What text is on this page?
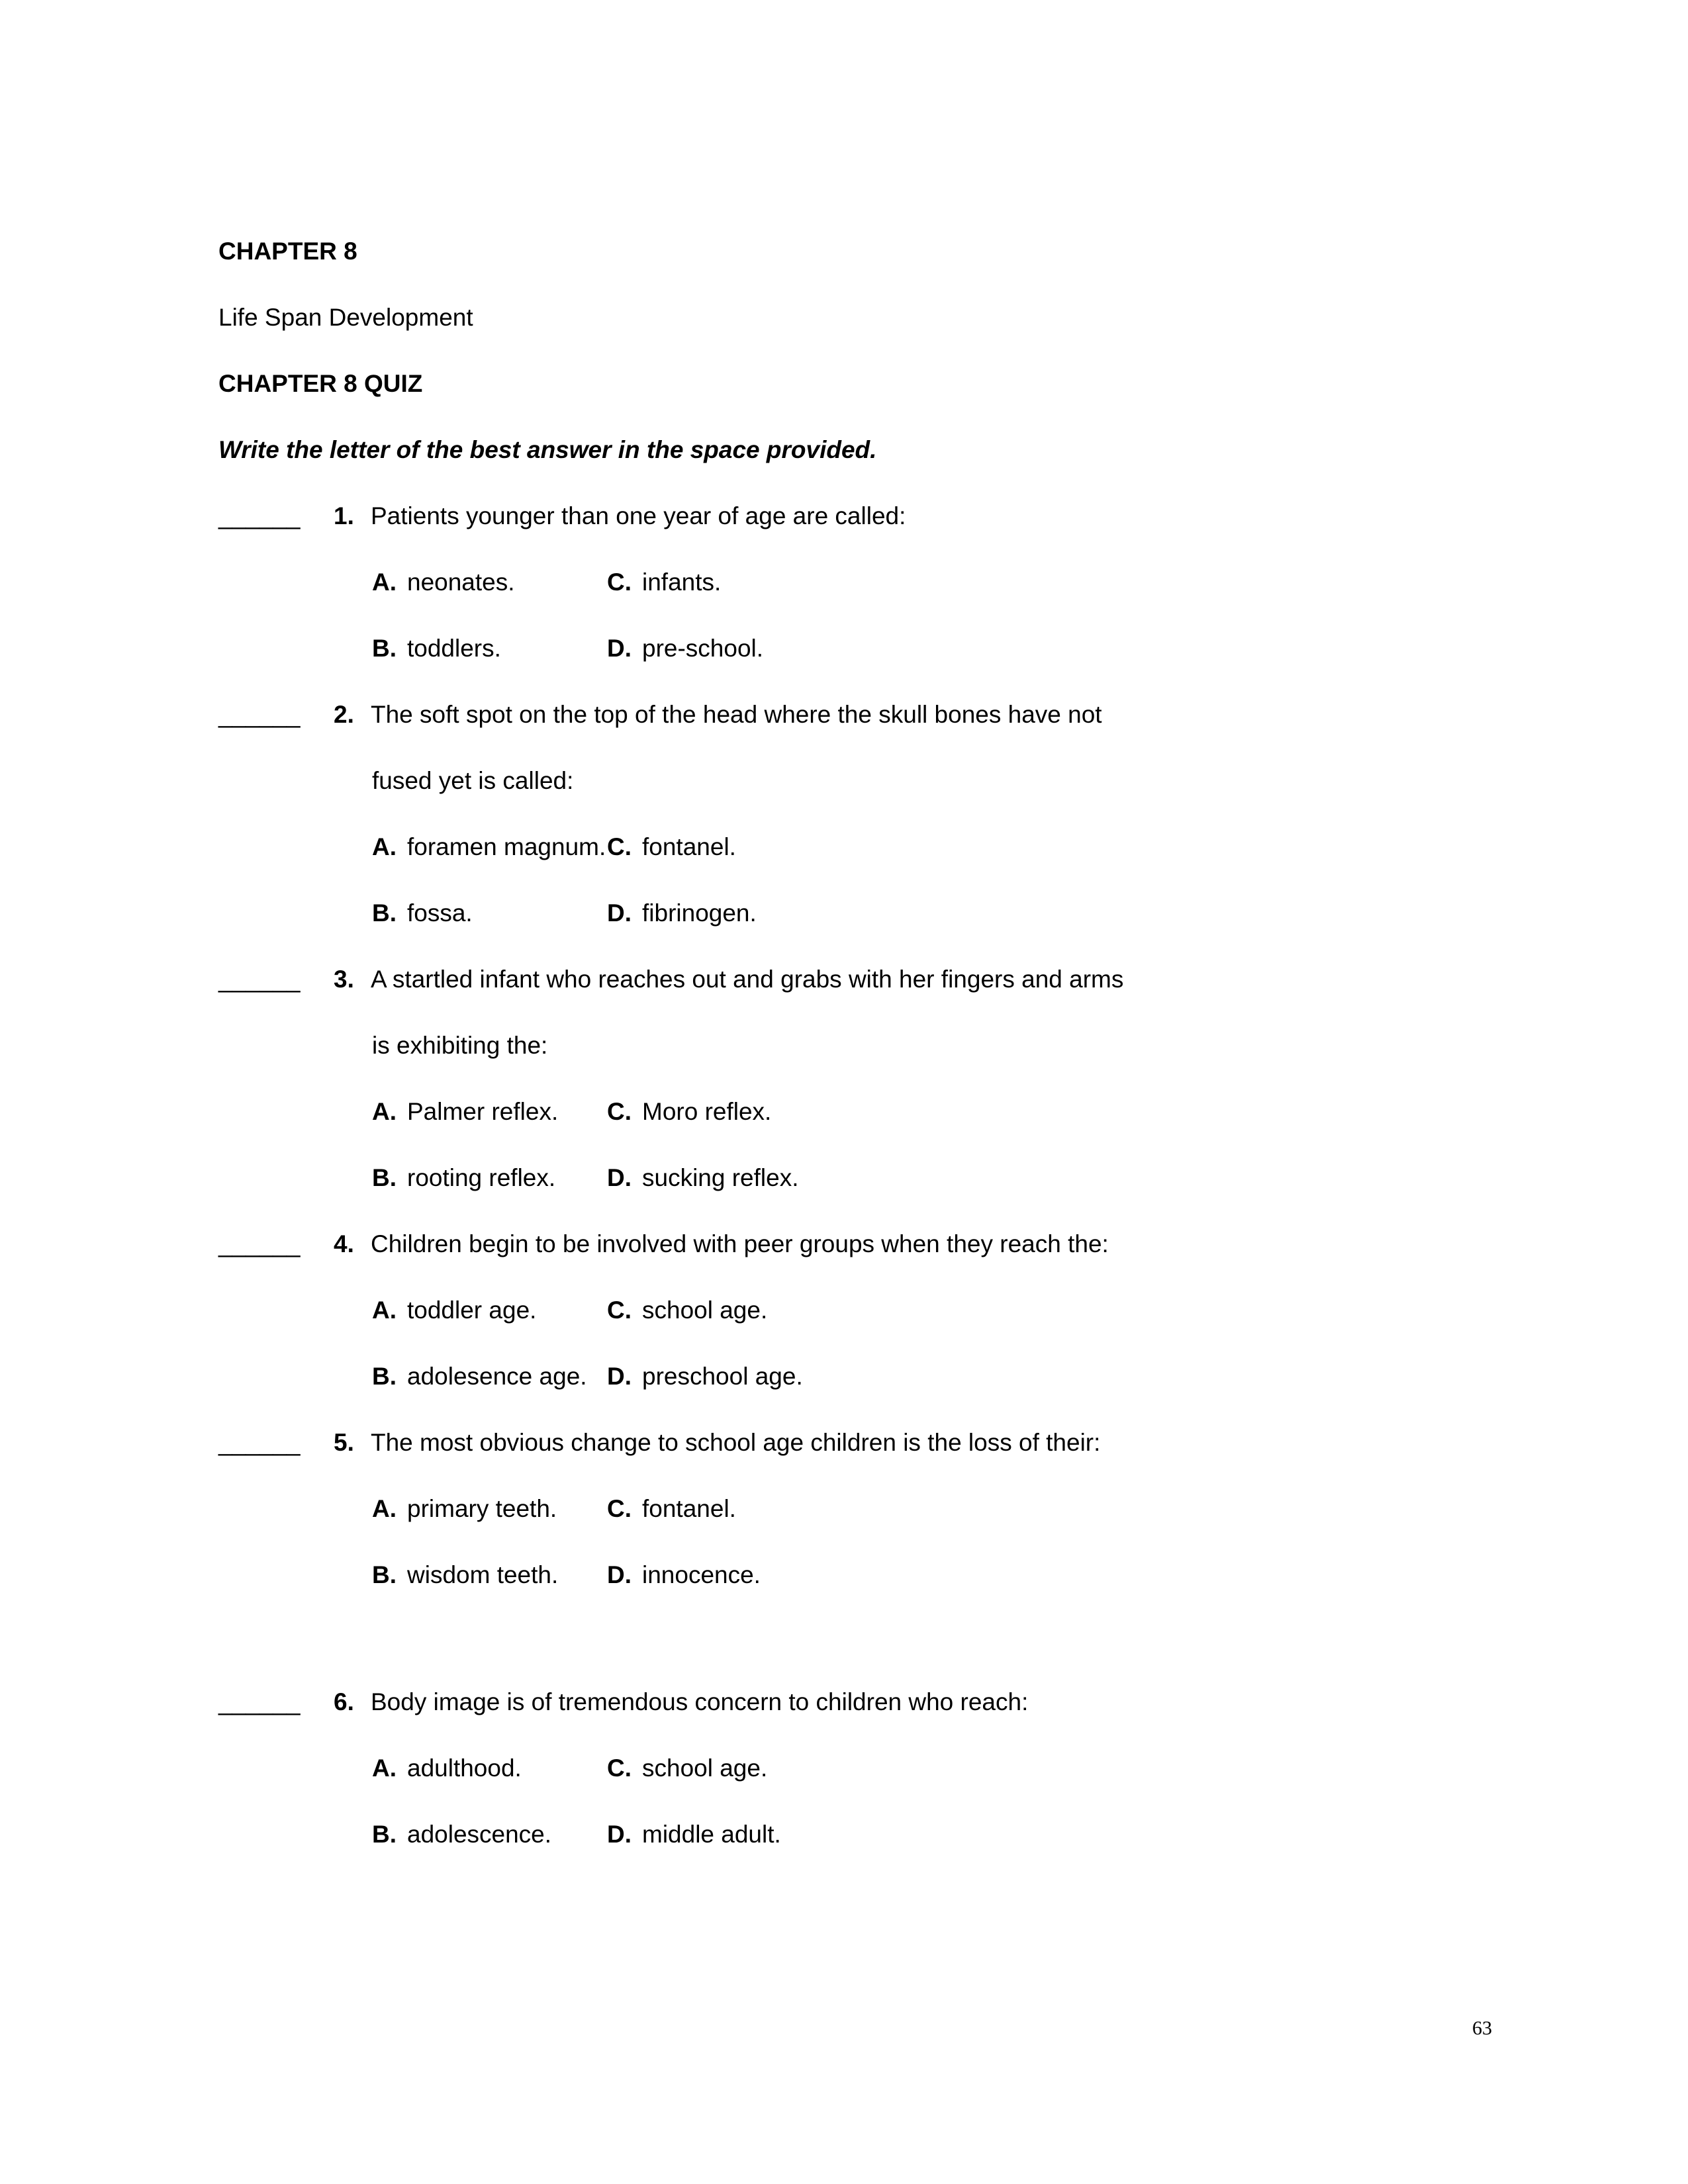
CHAPTER 8
Life Span Development
CHAPTER 8 QUIZ
Write the letter of the best answer in the space provided.
______	1. Patients younger than one year of age are called:
A. neonates.	C. infants.
B. toddlers.	D. pre-school.
______	2. The soft spot on the top of the head where the skull bones have not
fused yet is called:
A. foramen magnum. C. fontanel.
B. fossa.	D. fibrinogen.
______	3. A startled infant who reaches out and grabs with her fingers and arms
is exhibiting the:
A. Palmer reflex. C. Moro reflex.
B. rooting reflex. D. sucking reflex.
______	4. Children begin to be involved with peer groups when they reach the:
A. toddler age.	C. school age.
B. adolesence age. D. preschool age.
______	5. The most obvious change to school age children is the loss of their:
A. primary teeth. C. fontanel.
B. wisdom teeth. D. innocence.
______	6. Body image is of tremendous concern to children who reach:
A. adulthood.	C. school age.
B. adolescence. D. middle adult.
63
